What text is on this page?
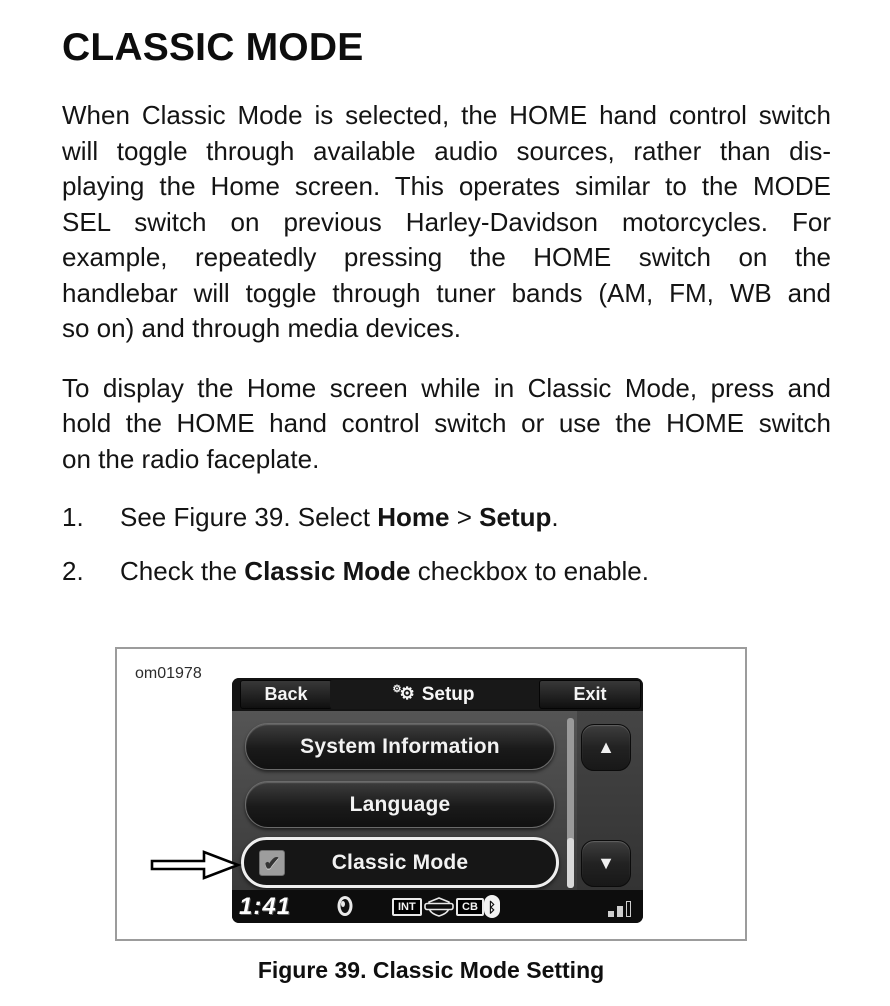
CLASSIC MODE
When Classic Mode is selected, the HOME hand control switch
will toggle through available audio sources, rather than dis-
playing the Home screen. This operates similar to the MODE
SEL switch on previous Harley-Davidson motorcycles. For
example, repeatedly pressing the HOME switch on the
handlebar will toggle through tuner bands (AM, FM, WB and
so on) and through media devices.
To display the Home screen while in Classic Mode, press and
hold the HOME hand control switch or use the HOME switch
on the radio faceplate.
1.	See Figure 39. Select Home > Setup.
2.	Check the Classic Mode checkbox to enable.
om01978
Back	⚙⚙ Setup	Exit
System Information
Language
✔ Classic Mode
▲
▼
1:41	INT	CB ᛒ
Figure 39. Classic Mode Setting
